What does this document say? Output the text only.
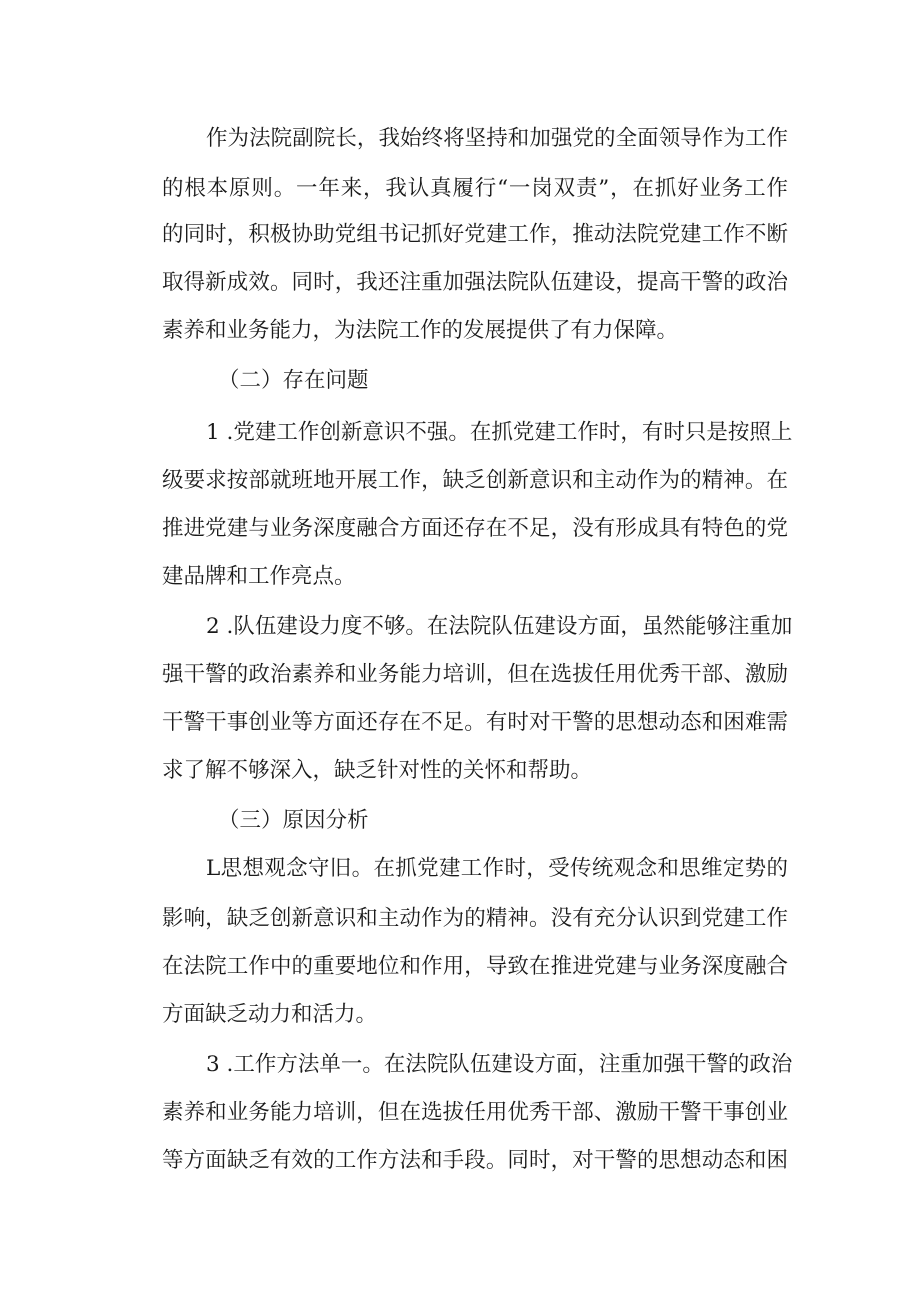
作为法院副院长，我始终将坚持和加强党的全面领导作为工作
的根本原则。一年来，我认真履行“一岗双责”，在抓好业务工作
的同时，积极协助党组书记抓好党建工作，推动法院党建工作不断
取得新成效。同时，我还注重加强法院队伍建设，提高干警的政治
素养和业务能力，为法院工作的发展提供了有力保障。
（二）存在问题
1 .党建工作创新意识不强。在抓党建工作时，有时只是按照上
级要求按部就班地开展工作，缺乏创新意识和主动作为的精神。在
推进党建与业务深度融合方面还存在不足，没有形成具有特色的党
建品牌和工作亮点。
2 .队伍建设力度不够。在法院队伍建设方面，虽然能够注重加
强干警的政治素养和业务能力培训，但在选拔任用优秀干部、激励
干警干事创业等方面还存在不足。有时对干警的思想动态和困难需
求了解不够深入，缺乏针对性的关怀和帮助。
（三）原因分析
L思想观念守旧。在抓党建工作时，受传统观念和思维定势的
影响，缺乏创新意识和主动作为的精神。没有充分认识到党建工作
在法院工作中的重要地位和作用，导致在推进党建与业务深度融合
方面缺乏动力和活力。
3 .工作方法单一。在法院队伍建设方面，注重加强干警的政治
素养和业务能力培训，但在选拔任用优秀干部、激励干警干事创业
等方面缺乏有效的工作方法和手段。同时，对干警的思想动态和困
